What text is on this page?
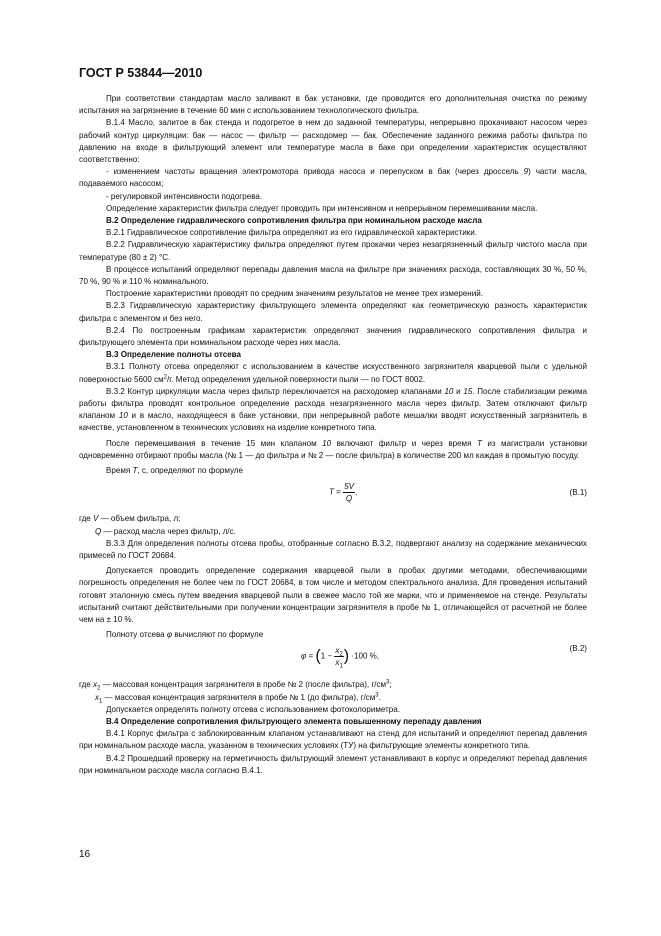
ГОСТ Р 53844—2010

При соответствии стандартам масло заливают в бак установки, где проводится его дополнительная очистка по режиму испытания на загрязнение в течение 60 мин с использованием технологического фильтра.

В.1.4 Масло, залитое в бак стенда и подогретое в нем до заданной температуры, непрерывно прокачивают насосом через рабочий контур циркуляции: бак — насос — фильтр — расходомер — бак. Обеспечение заданного режима работы фильтра по давлению на входе в фильтрующий элемент или температуре масла в баке при определении характеристик осуществляют соответственно:

- изменением частоты вращения электромотора привода насоса и перепуском в бак (через дроссель 9) части масла, подаваемого насосом;

- регулировкой интенсивности подогрева.

Определение характеристик фильтра следует проводить при интенсивном и непрерывном перемешивании масла.

В.2 Определение гидравлического сопротивления фильтра при номинальном расходе масла

В.2.1 Гидравлическое сопротивление фильтра определяют из его гидравлической характеристики.

В.2.2 Гидравлическую характеристику фильтра определяют путем прокачки через незагрязненный фильтр чистого масла при температуре (80 ± 2) °С.

В процессе испытаний определяют перепады давления масла на фильтре при значениях расхода, составляющих 30 %, 50 %, 70 %, 90 % и 110 % номинального.

Построение характеристики проводят по средним значениям результатов не менее трех измерений.

В.2.3 Гидравлическую характеристику фильтрующего элемента определяют как геометрическую разность характеристик фильтра с элементом и без него.

В.2.4 По построенным графикам характеристик определяют значения гидравлического сопротивления фильтра и фильтрующего элемента при номинальном расходе через них масла.

В.3 Определение полноты отсева

В.3.1 Полноту отсева определяют с использованием в качестве искусственного загрязнителя кварцевой пыли с удельной поверхностью 5600 $см^2/г$. Метод определения удельной поверхности пыли — по ГОСТ 8002.

В.3.2 Контур циркуляции масла через фильтр переключается на расходомер клапанами 10 и 15. После стабилизации режима работы фильтра проводят контрольное определение расхода незагрязненного масла через фильтр. Затем отключают фильтр клапаном 10 и в масло, находящееся в баке установки, при непрерывной работе мешалки вводят искусственный загрязнитель в качестве, установленном в технических условиях на изделие конкретного типа.

После перемешивания в течение 15 мин клапаном 10 включают фильтр и через время T из магистрали установки одновременно отбирают пробы масла (№ 1 — до фильтра и № 2 — после фильтра) в количестве 200 мл каждая в промытую посуду.

Время T, с, определяют по формуле

$T = \frac{5V}{Q}$ ,	(В.1)

где V — объем фильтра, л;

Q — расход масла через фильтр, л/с.

В.3.3 Для определения полноты отсева пробы, отобранные согласно В.3.2, подвергают анализу на содержание механических примесей по ГОСТ 20684.

Допускается проводить определение содержания кварцевой пыли в пробах другими методами, обеспечивающими погрешность определения не более чем по ГОСТ 20684, в том числе и методом спектрального анализа. Для проведения испытаний готовят эталонную смесь путем введения кварцевой пыли в свежее масло той же марки, что и применяемое на стенде. Результаты испытаний считают действительными при получении концентрации загрязнителя в пробе № 1, отличающейся от расчетной не более чем на ± 10 %.

Полноту отсева φ вычисляют по формуле

$\varphi = (1 - \frac{x_2}{x_1}$ ) ·100 %,
(В.2)

где $x_2$ — массовая концентрация загрязнителя в пробе № 2 (после фильтра), $г/см^3$;

$x_1$ — массовая концентрация загрязнителя в пробе № 1 (до фильтра), $г/см^3$.

Допускается определять полноту отсева с использованием фотоколориметра.

В.4 Определение сопротивления фильтрующего элемента повышенному перепаду давления

В.4.1 Корпус фильтра с заблокированным клапаном устанавливают на стенд для испытаний и определяют перепад давления при номинальном расходе масла, указанном в технических условиях (ТУ) на фильтрующие элементы конкретного типа.

В.4.2 Прошедший проверку на герметичность фильтрующий элемент устанавливают в корпус и определяют перепад давления при номинальном расходе масла согласно В.4.1.

16
